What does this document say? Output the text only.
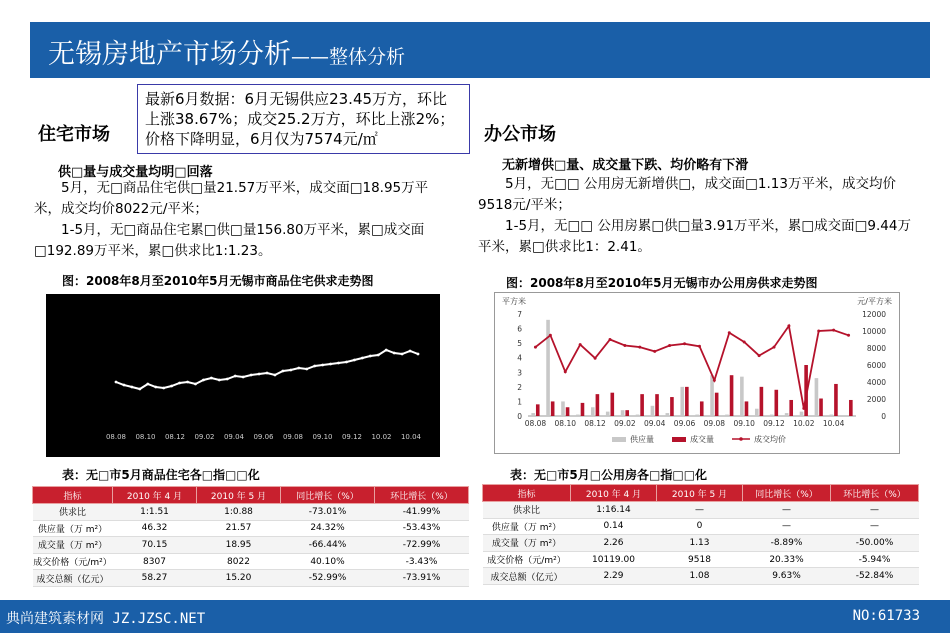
无锡房地产市场分析——整体分析
最新6月数据：6月无锡供应23.45万方，环比上涨38.67%；成交25.2万方，环比上涨2%；价格下降明显，6月仅为7574元/㎡
住宅市场
供□量与成交量均明□回落

5月，无□商品住宅供□量21.57万平米，成交面□18.95万平米，成交均价8022元/平米；

1-5月，无□商品住宅累□供□量156.80万平米，累□成交面□192.89万平米，累□供求比1:1.23。

图：2008年8月至2010年5月无锡市商品住宅供求走势图
08.08 08.10 08.12 09.02 09.04 09.06 09.08 09.10 09.12 10.02 10.04
表：无□市5月商品住宅各□指□□化
指标	2010 年 4 月	2010 年 5 月	同比增长（%）	环比增长（%）
供求比	1:1.51	1:0.88	-73.01%	-41.99%
供应量（万 m²）	46.32	21.57	24.32%	-53.43%
成交量（万 m²）	70.15	18.95	-66.44%	-72.99%
成交价格（元/m²）	8307	8022	40.10%	-3.43%
成交总额（亿元）	58.27	15.20	-52.99%	-73.91%
办公市场
无新增供□量、成交量下跌、均价略有下滑

5月，无□□ 公用房无新增供□，成交面□1.13万平米，成交均价9518元/平米；

1-5月，无□□ 公用房累□供□量3.91万平米，累□成交面□9.44万平米，累□供求比1：2.41。

图：2008年8月至2010年5月无锡市办公用房供求走势图
平方米	元/平方米
0
1
2
3
4
5
6
7
0
2000
4000
6000
8000
10000
12000
08.08 08.10 08.12 09.02 09.04 09.06 09.08 09.10 09.12 10.02 10.04
供应量	成交量	成交均价
表：无□市5月□公用房各□指□□化
指标	2010 年 4 月	2010 年 5 月	同比增长（%）	环比增长（%）
供求比	1:16.14	—	—	—
供应量（万 m²）	0.14	0	—	—
成交量（万 m²）	2.26	1.13	-8.89%	-50.00%
成交价格（元/m²）	10119.00	9518	20.33%	-5.94%
成交总额（亿元）	2.29	1.08	9.63%	-52.84%
典尚建筑素材网 JZ.JZSC.NET	NO:61733
